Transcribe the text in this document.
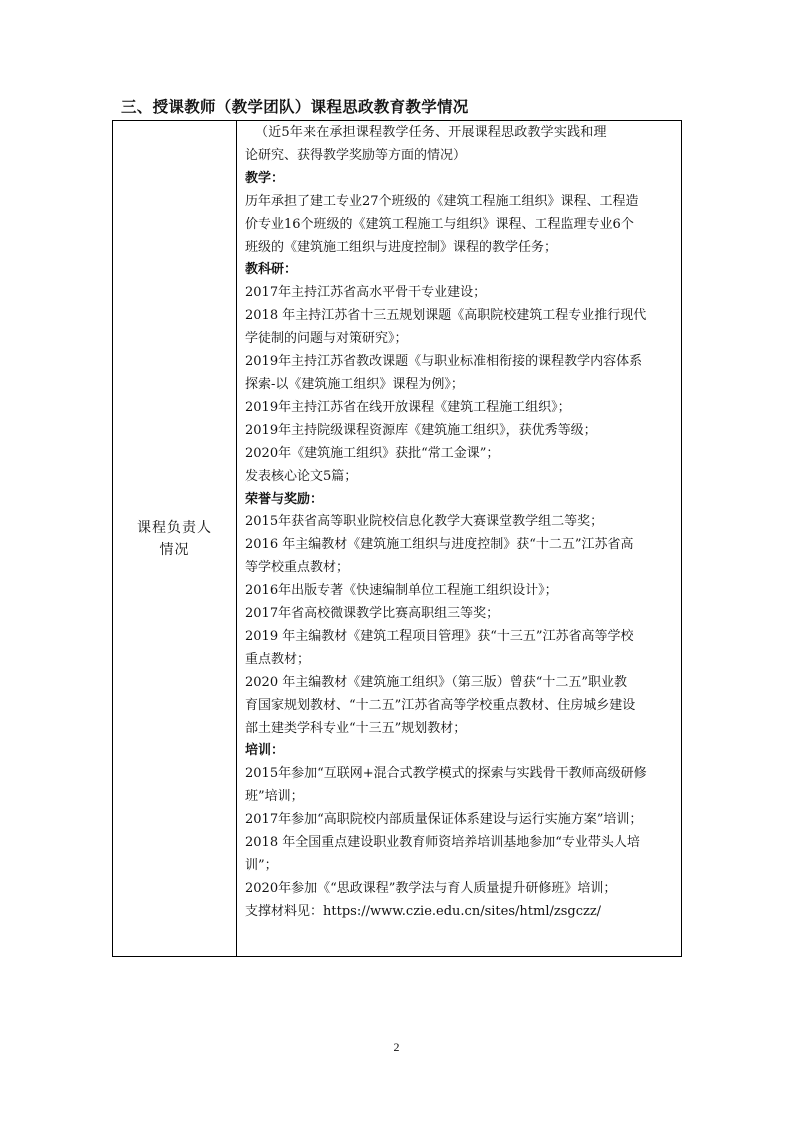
三、授课教师（教学团队）课程思政教育教学情况
课程负责人
情况	

（近5年来在承担课程教学任务、开展课程思政教学实践和理

论研究、获得教学奖励等方面的情况）

教学：

历年承担了建工专业27个班级的《建筑工程施工组织》课程、工程造

价专业16个班级的《建筑工程施工与组织》课程、工程监理专业6个

班级的《建筑施工组织与进度控制》课程的教学任务；

教科研：

2017年主持江苏省高水平骨干专业建设；

2018 年主持江苏省十三五规划课题《高职院校建筑工程专业推行现代

学徒制的问题与对策研究》；

2019年主持江苏省教改课题《与职业标准相衔接的课程教学内容体系

探索-以《建筑施工组织》课程为例》；

2019年主持江苏省在线开放课程《建筑工程施工组织》；

2019年主持院级课程资源库《建筑施工组织》，获优秀等级；

2020年《建筑施工组织》获批“常工金课”；

发表核心论文5篇；

荣誉与奖励：

2015年获省高等职业院校信息化教学大赛课堂教学组二等奖；

2016 年主编教材《建筑施工组织与进度控制》获“十二五”江苏省高

等学校重点教材；

2016年出版专著《快速编制单位工程施工组织设计》；

2017年省高校微课教学比赛高职组三等奖；

2019 年主编教材《建筑工程项目管理》获“十三五”江苏省高等学校

重点教材；

2020 年主编教材《建筑施工组织》（第三版）曾获“十二五”职业教

育国家规划教材、“十二五”江苏省高等学校重点教材、住房城乡建设

部土建类学科专业“十三五”规划教材；

培训：

2015年参加“互联网+混合式教学模式的探索与实践骨干教师高级研修

班”培训；

2017年参加“高职院校内部质量保证体系建设与运行实施方案”培训；

2018 年全国重点建设职业教育师资培养培训基地参加“专业带头人培

训”；

2020年参加《“思政课程”教学法与育人质量提升研修班》培训；

支撑材料见：https://www.czie.edu.cn/sites/html/zsgczz/

2
